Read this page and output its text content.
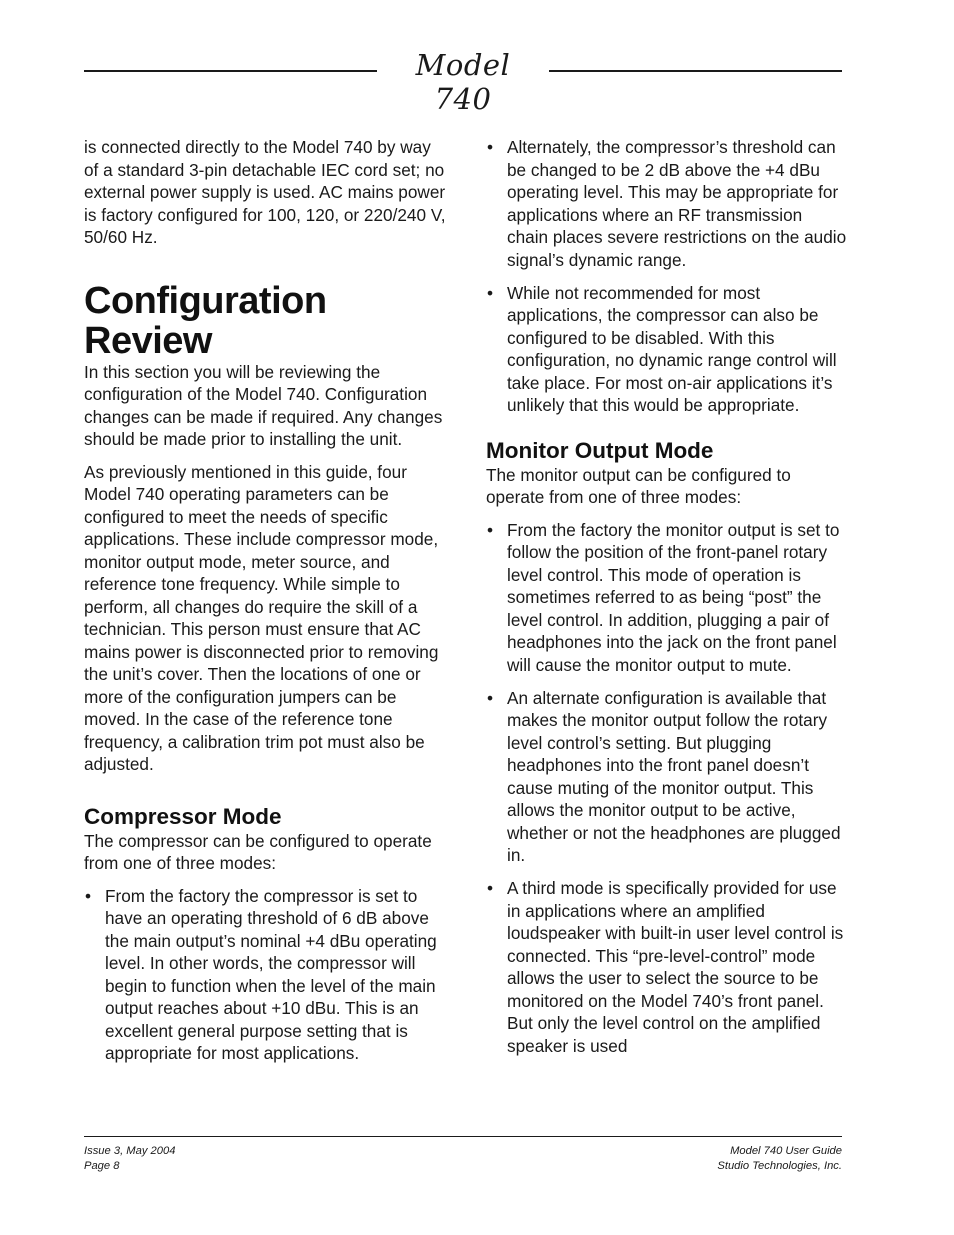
Model 740

is connected directly to the Model 740 by way of a standard 3-pin detachable IEC cord set; no external power supply is used. AC mains power is factory configured for 100, 120, or 220/240 V, 50/60 Hz.

Configuration Review

In this section you will be reviewing the configuration of the Model 740. Configuration changes can be made if required. Any changes should be made prior to installing the unit.

As previously mentioned in this guide, four Model 740 operating parameters can be configured to meet the needs of specific applications. These include compressor mode, monitor output mode, meter source, and reference tone frequency. While simple to perform, all changes do require the skill of a technician. This person must ensure that AC mains power is disconnected prior to removing the unit’s cover. Then the locations of one or more of the configuration jumpers can be moved. In the case of the reference tone frequency, a calibration trim pot must also be adjusted.

Compressor Mode

The compressor can be configured to operate from one of three modes:

• From the factory the compressor is set to have an operating threshold of 6 dB above the main output’s nominal +4 dBu operating level. In other words, the compressor will begin to function when the level of the main output reaches about +10 dBu. This is an excellent general purpose setting that is appropriate for most applications.
• Alternately, the compressor’s threshold can be changed to be 2 dB above the +4 dBu operating level. This may be appropriate for applications where an RF transmission chain places severe restrictions on the audio signal’s dynamic range.
• While not recommended for most applications, the compressor can also be configured to be disabled. With this configuration, no dynamic range control will take place. For most on-air applications it’s unlikely that this would be appropriate.
Monitor Output Mode

The monitor output can be configured to operate from one of three modes:

• From the factory the monitor output is set to follow the position of the front-panel rotary level control. This mode of operation is sometimes referred to as being “post” the level control. In addition, plugging a pair of headphones into the jack on the front panel will cause the monitor output to mute.
• An alternate configuration is available that makes the monitor output follow the rotary level control’s setting. But plugging headphones into the front panel doesn’t cause muting of the monitor output. This allows the monitor output to be active, whether or not the headphones are plugged in.
• A third mode is specifically provided for use in applications where an amplified loudspeaker with built-in user level control is connected. This “pre-level-control” mode allows the user to select the source to be monitored on the Model 740’s front panel. But only the level control on the amplified speaker is used
Issue 3, May 2004
Page 8
Model 740 User Guide
Studio Technologies, Inc.
